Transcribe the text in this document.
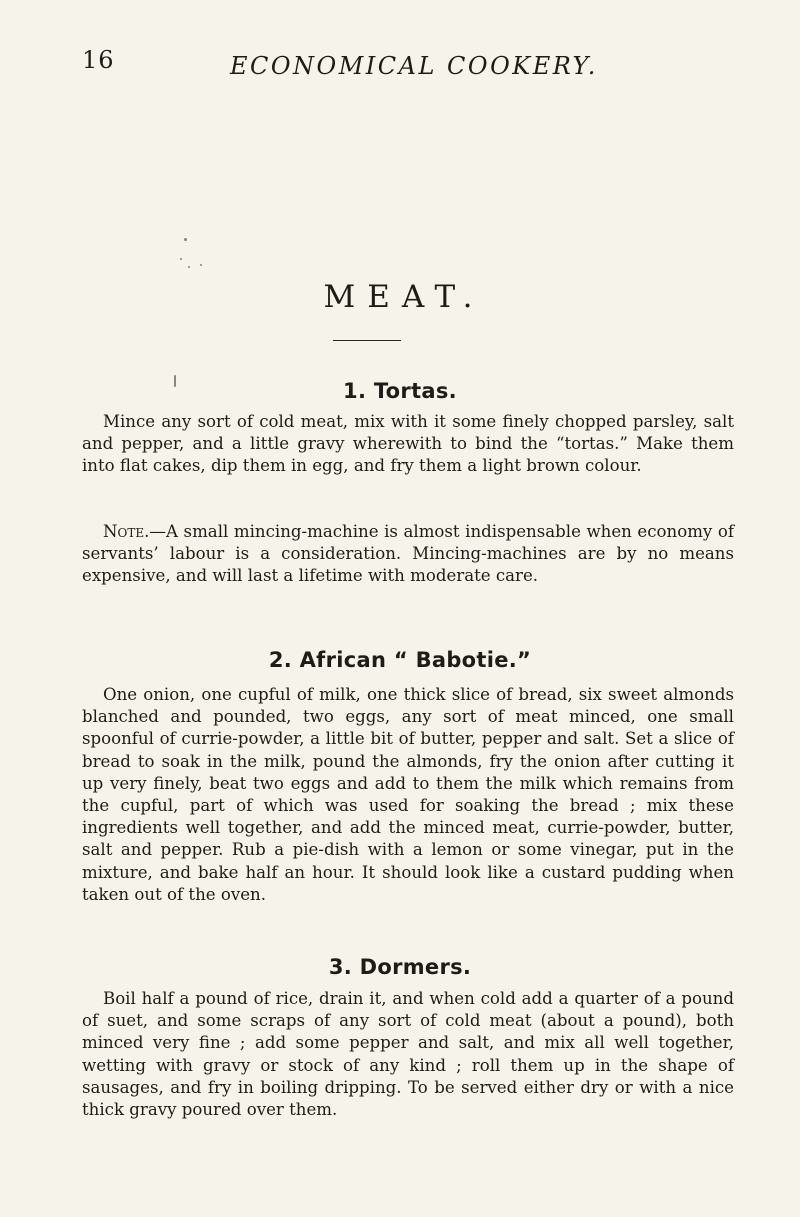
16	ECONOMICAL COOKERY.
MEAT.
1. Tortas.

Mince any sort of cold meat, mix with it some finely chopped parsley, salt and pepper, and a little gravy wherewith to bind the “tortas.” Make them into flat cakes, dip them in egg, and fry them a light brown colour.

Note.—A small mincing-machine is almost indispensable when economy of servants’ labour is a consideration. Mincing-machines are by no means expensive, and will last a lifetime with moderate care.

2. African “ Babotie.”

One onion, one cupful of milk, one thick slice of bread, six sweet almonds blanched and pounded, two eggs, any sort of meat minced, one small spoonful of currie-powder, a little bit of butter, pepper and salt. Set a slice of bread to soak in the milk, pound the almonds, fry the onion after cutting it up very finely, beat two eggs and add to them the milk which remains from the cupful, part of which was used for soaking the bread ; mix these ingredients well together, and add the minced meat, currie-powder, butter, salt and pepper. Rub a pie-dish with a lemon or some vinegar, put in the mixture, and bake half an hour. It should look like a custard pudding when taken out of the oven.

3. Dormers.

Boil half a pound of rice, drain it, and when cold add a quarter of a pound of suet, and some scraps of any sort of cold meat (about a pound), both minced very fine ; add some pepper and salt, and mix all well together, wetting with gravy or stock of any kind ; roll them up in the shape of sausages, and fry in boiling dripping. To be served either dry or with a nice thick gravy poured over them.
